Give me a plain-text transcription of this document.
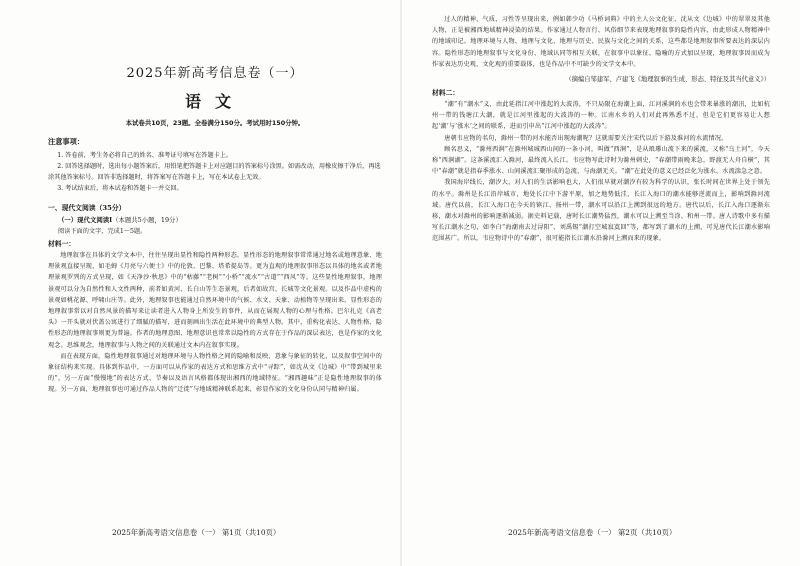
2025年新高考信息卷（一）
语文
本试卷共10页，23题。全卷满分150分。考试用时150分钟。
注意事项：

1. 答卷前，考生务必将自己的姓名、准考证号填写在答题卡上。

2. 回答选择题时，选出每小题答案后，用铅笔把答题卡上对应题目的答案标号涂黑。如需改动，用橡皮擦干净后，再选涂其他答案标号。回答非选择题时，将答案写在答题卡上，写在本试卷上无效。

3. 考试结束后，将本试卷和答题卡一并交回。

一、现代文阅读（35分）
（一）现代文阅读Ⅰ（本题共5小题，19分）
阅读下面的文字，完成1～5题。
材料一：

地理叙事在具体的文学文本中，往往呈现出显性和隐性两种形态。显性形态的地理叙事常常通过地名或地理意象、地理景观直接呈现，如毛姆《月亮与六便士》中的伦敦、巴黎、塔希提岛等。更为直观的地理叙事形态以具体的地名或者地理景观罗列的方式呈现，如《天净沙·秋思》中的“枯藤”“老树”“小桥”“流水”“古道”“西风”等。这些显性地理叙事，地理景观可以分为自然性和人文性两种，前者如黄河、长白山等生态景观，后者如故宫、长城等文化景观。以及作品中虚构的景观如桃花源、呼啸山庄等。此外，地理叙事也能通过自然环境中的气候、水文、天象、动植物等呈现出来。显性形态的地理叙事常以对自然风景的描写来让读者进入人物身上所发生的事件，从而在展现人物的心理与性格。巴尔扎克《高老头》一开头就对伏盖公寓进行了细腻的描写，进而刻画出生活在此环境中的典型人物。其中，重构化表达、人物性格、隐性形态的地理叙事则更为普遍。作者的地理意图、地理意识也常常以隐性的方式存在于作品的深层表达，也是作家的文化观念。思维观念，地理叙事与人物之间的关联通过文本内在叙事实现。

而在表现方面，隐性地理叙事通过对地理环境与人物性格之间的隐喻和反映、意象与象征的转化，以及叙事空间中的象征结构来实现。具体到作品中，一方面可以从作家的表达方式和思维方式中“寻踪”，如沈从文《边城》中“带到城里来的”，另一方面“慢慢地”的表达方式、节奏以及语言风格都体现出湘西的地域特征。“湘西趣味”正是隐性地理叙事的体现。另一方面，地理叙事也可通过作品人物的“迁徙”与地域精神联系起来，彰显作家的文化身份认同与精神归属。

2025年新高考语文信息卷（一） 第1页（共10页）

过人的精神、气质、习性等呈现出来，例如韩少功《马桥词典》中的主人公文化征、沈从文《边城》中的翠翠及其他人物，正是被湘西地域精神浸染的结果。作家通过人物言行、风俗细节来表现地理叙事的隐性内容，由此形成人物精神中的地域印记。地理环境与人物、地理与文化、地理与历史、民族与文化之间的关系，这些都是地理叙事所要表达的深层内容。隐性形态的地理叙事与文化身份、地域认同等相互关联，在叙事中以象征、隐喻的方式加以呈现，地理叙事因而成为作家表达历史观、文化观的重要载体，也是作品中不可缺少的文学文本中。

（摘编自邹建军、卢建飞《地理叙事的生成、形态、特征及其当代意义》）
材料二：

“潮”有“潮水”义，由此延指江河中涨起的大波涛，不只局限在海潮上面，江河溪涧的水也会带来暴涨的潮汛，比如杭州一带的钱塘江大潮，就是江河里涨起的大波涛的一种。江南水乡的人们对此再熟悉不过，但是它们更容易让人想起‘潮’与‘涨水’之间的联系，进而引申出“江河中涨起的大波涛”。

唐朝韦应物的名句，滁州一带的河水能否出现海潮呢？这就需要关注宋代以后下游及淮河的水流情况。

顾名思义，“滁州西涧”在滁州城城西山间的一条小河，叫做“西涧”，是从琅琊山流下来的溪流，又称“乌土河”，今天称“西涧湖”。这条溪流汇入滁河，最终流入长江。韦应物写此诗时为滁州刺史，“春潮带雨晚来急，野渡无人舟自横”，其中“春潮”就是指春季涨水、山间溪流汇聚形成的急流，与海潮无关。“潮”在此处的意义已经泛化为涨水、水流湍急之意。

我国海岸线长，潮汐大，对人们的生活影响也大，人们很早就对潮汐有较为科学的认识，张长时间在世界上处于领先的水平。滁州是长江沿岸城市，地处长江中下游平原，加之地势低洼，长江入海口的潮水能够逆流而上，影响到滁河流域。唐代以前，长江入海口在今天的镇江、扬州一带，潮水可以沿江上溯到很远的地方。唐代以后，长江入海口逐渐东移，潮水对滁州的影响逐渐减弱。据史料记载，唐时长江潮势猛烈，潮水可以上溯至当涂、和州一带。唐人诗歌中多有描写长江潮水之句，如李白“海潮南去过浔阳”、刘禹锡“潮打空城寂寞回”等，都写到了潮水的上溯，可见唐代长江潮水影响范围甚广。所以，韦应物诗中的“春潮”，很可能指长江潮水沿滁河上溯而来的现象。

2025年新高考语文信息卷（一） 第2页（共10页）
